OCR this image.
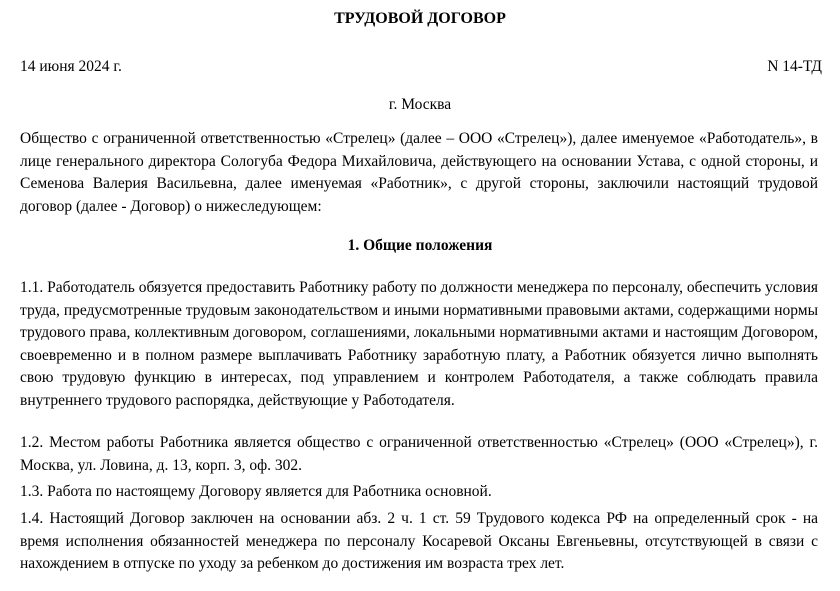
ТРУДОВОЙ ДОГОВОР
14 июня 2024 г.	N 14-ТД
г. Москва

Общество с ограниченной ответственностью «Стрелец» (далее – ООО «Стрелец»), далее именуемое «Работодатель», в лице генерального директора Сологуба Федора Михайловича, действующего на основании Устава, с одной стороны, и Семенова Валерия Васильевна, далее именуемая «Работник», с другой стороны, заключили настоящий трудовой договор (далее - Договор) о нижеследующем:

1. Общие положения

1.1. Работодатель обязуется предоставить Работнику работу по должности менеджера по персоналу, обеспечить условия труда, предусмотренные трудовым законодательством и иными нормативными правовыми актами, содержащими нормы трудового права, коллективным договором, соглашениями, локальными нормативными актами и настоящим Договором, своевременно и в полном размере выплачивать Работнику заработную плату, а Работник обязуется лично выполнять свою трудовую функцию в интересах, под управлением и контролем Работодателя, а также соблюдать правила внутреннего трудового распорядка, действующие у Работодателя.

1.2. Местом работы Работника является общество с ограниченной ответственностью «Стрелец» (ООО «Стрелец»), г. Москва, ул. Ловина, д. 13, корп. 3, оф. 302.

1.3. Работа по настоящему Договору является для Работника основной.

1.4. Настоящий Договор заключен на основании абз. 2 ч. 1 ст. 59 Трудового кодекса РФ на определенный срок - на время исполнения обязанностей менеджера по персоналу Косаревой Оксаны Евгеньевны, отсутствующей в связи с нахождением в отпуске по уходу за ребенком до достижения им возраста трех лет.
